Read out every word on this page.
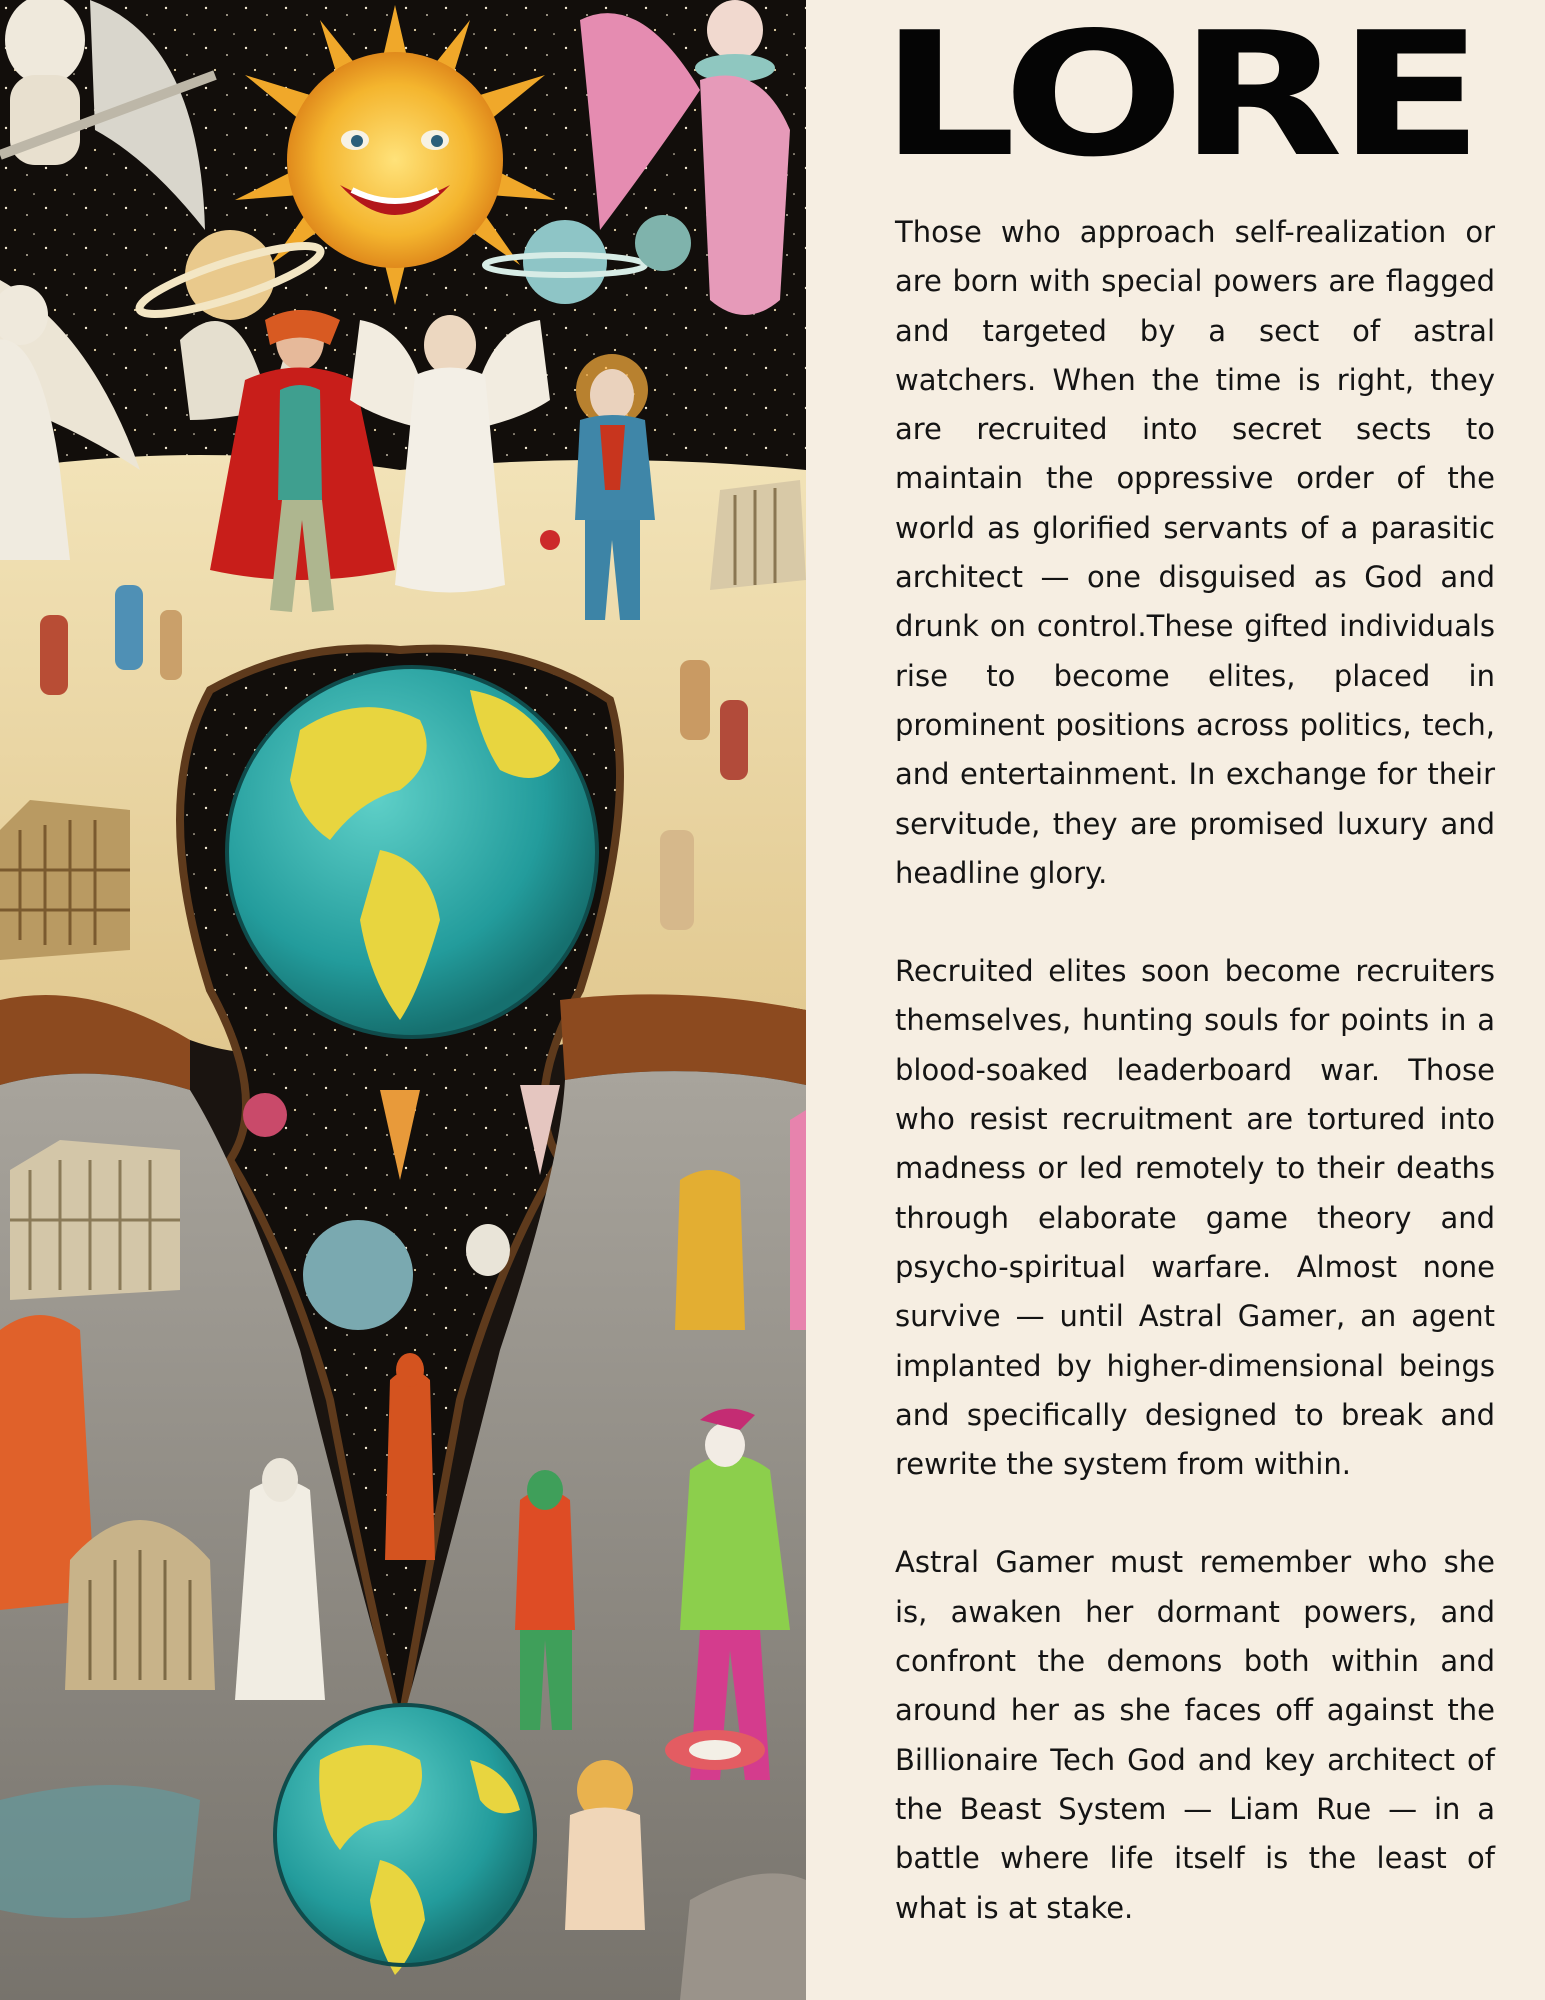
LORE

Those who approach self-realization or are born with special powers are flagged and targeted by a sect of astral watchers. When the time is right, they are recruited into secret sects to maintain the oppressive order of the world as glorified servants of a parasitic architect — one disguised as God and drunk on control.These gifted individuals rise to become elites, placed in prominent positions across politics, tech, and entertainment. In exchange for their servitude, they are promised luxury and headline glory.

Recruited elites soon become recruiters themselves, hunting souls for points in a blood-soaked leaderboard war. Those who resist recruitment are tortured into madness or led remotely to their deaths through elaborate game theory and psycho-spiritual warfare. Almost none survive — until Astral Gamer, an agent implanted by higher-dimensional beings and specifically designed to break and rewrite the system from within.

Astral Gamer must remember who she is, awaken her dormant powers, and confront the demons both within and around her as she faces off against the Billionaire Tech God and key architect of the Beast System — Liam Rue — in a battle where life itself is the least of what is at stake.
